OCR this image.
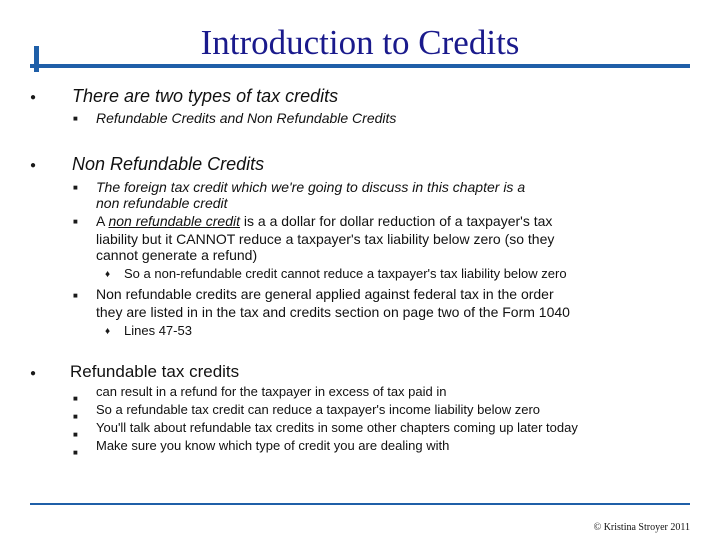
Introduction to Credits
● There are two types of tax credits
■ Refundable Credits and Non Refundable Credits
● Non Refundable Credits
■ The foreign tax credit which we're going to discuss in this chapter is a
non refundable credit
■ A non refundable credit is a a dollar for dollar reduction of a taxpayer's tax
liability but it CANNOT reduce a taxpayer's tax liability below zero (so they
cannot generate a refund)
♦ So a non-refundable credit cannot reduce a taxpayer's tax liability below zero
■ Non refundable credits are general applied against federal tax in the order
they are listed in in the tax and credits section on page two of the Form 1040
♦ Lines 47-53
● Refundable tax credits
■ can result in a refund for the taxpayer in excess of tax paid in
■ So a refundable tax credit can reduce a taxpayer's income liability below zero
■ You'll talk about refundable tax credits in some other chapters coming up later today
■ Make sure you know which type of credit you are dealing with
© Kristina Stroyer 2011
